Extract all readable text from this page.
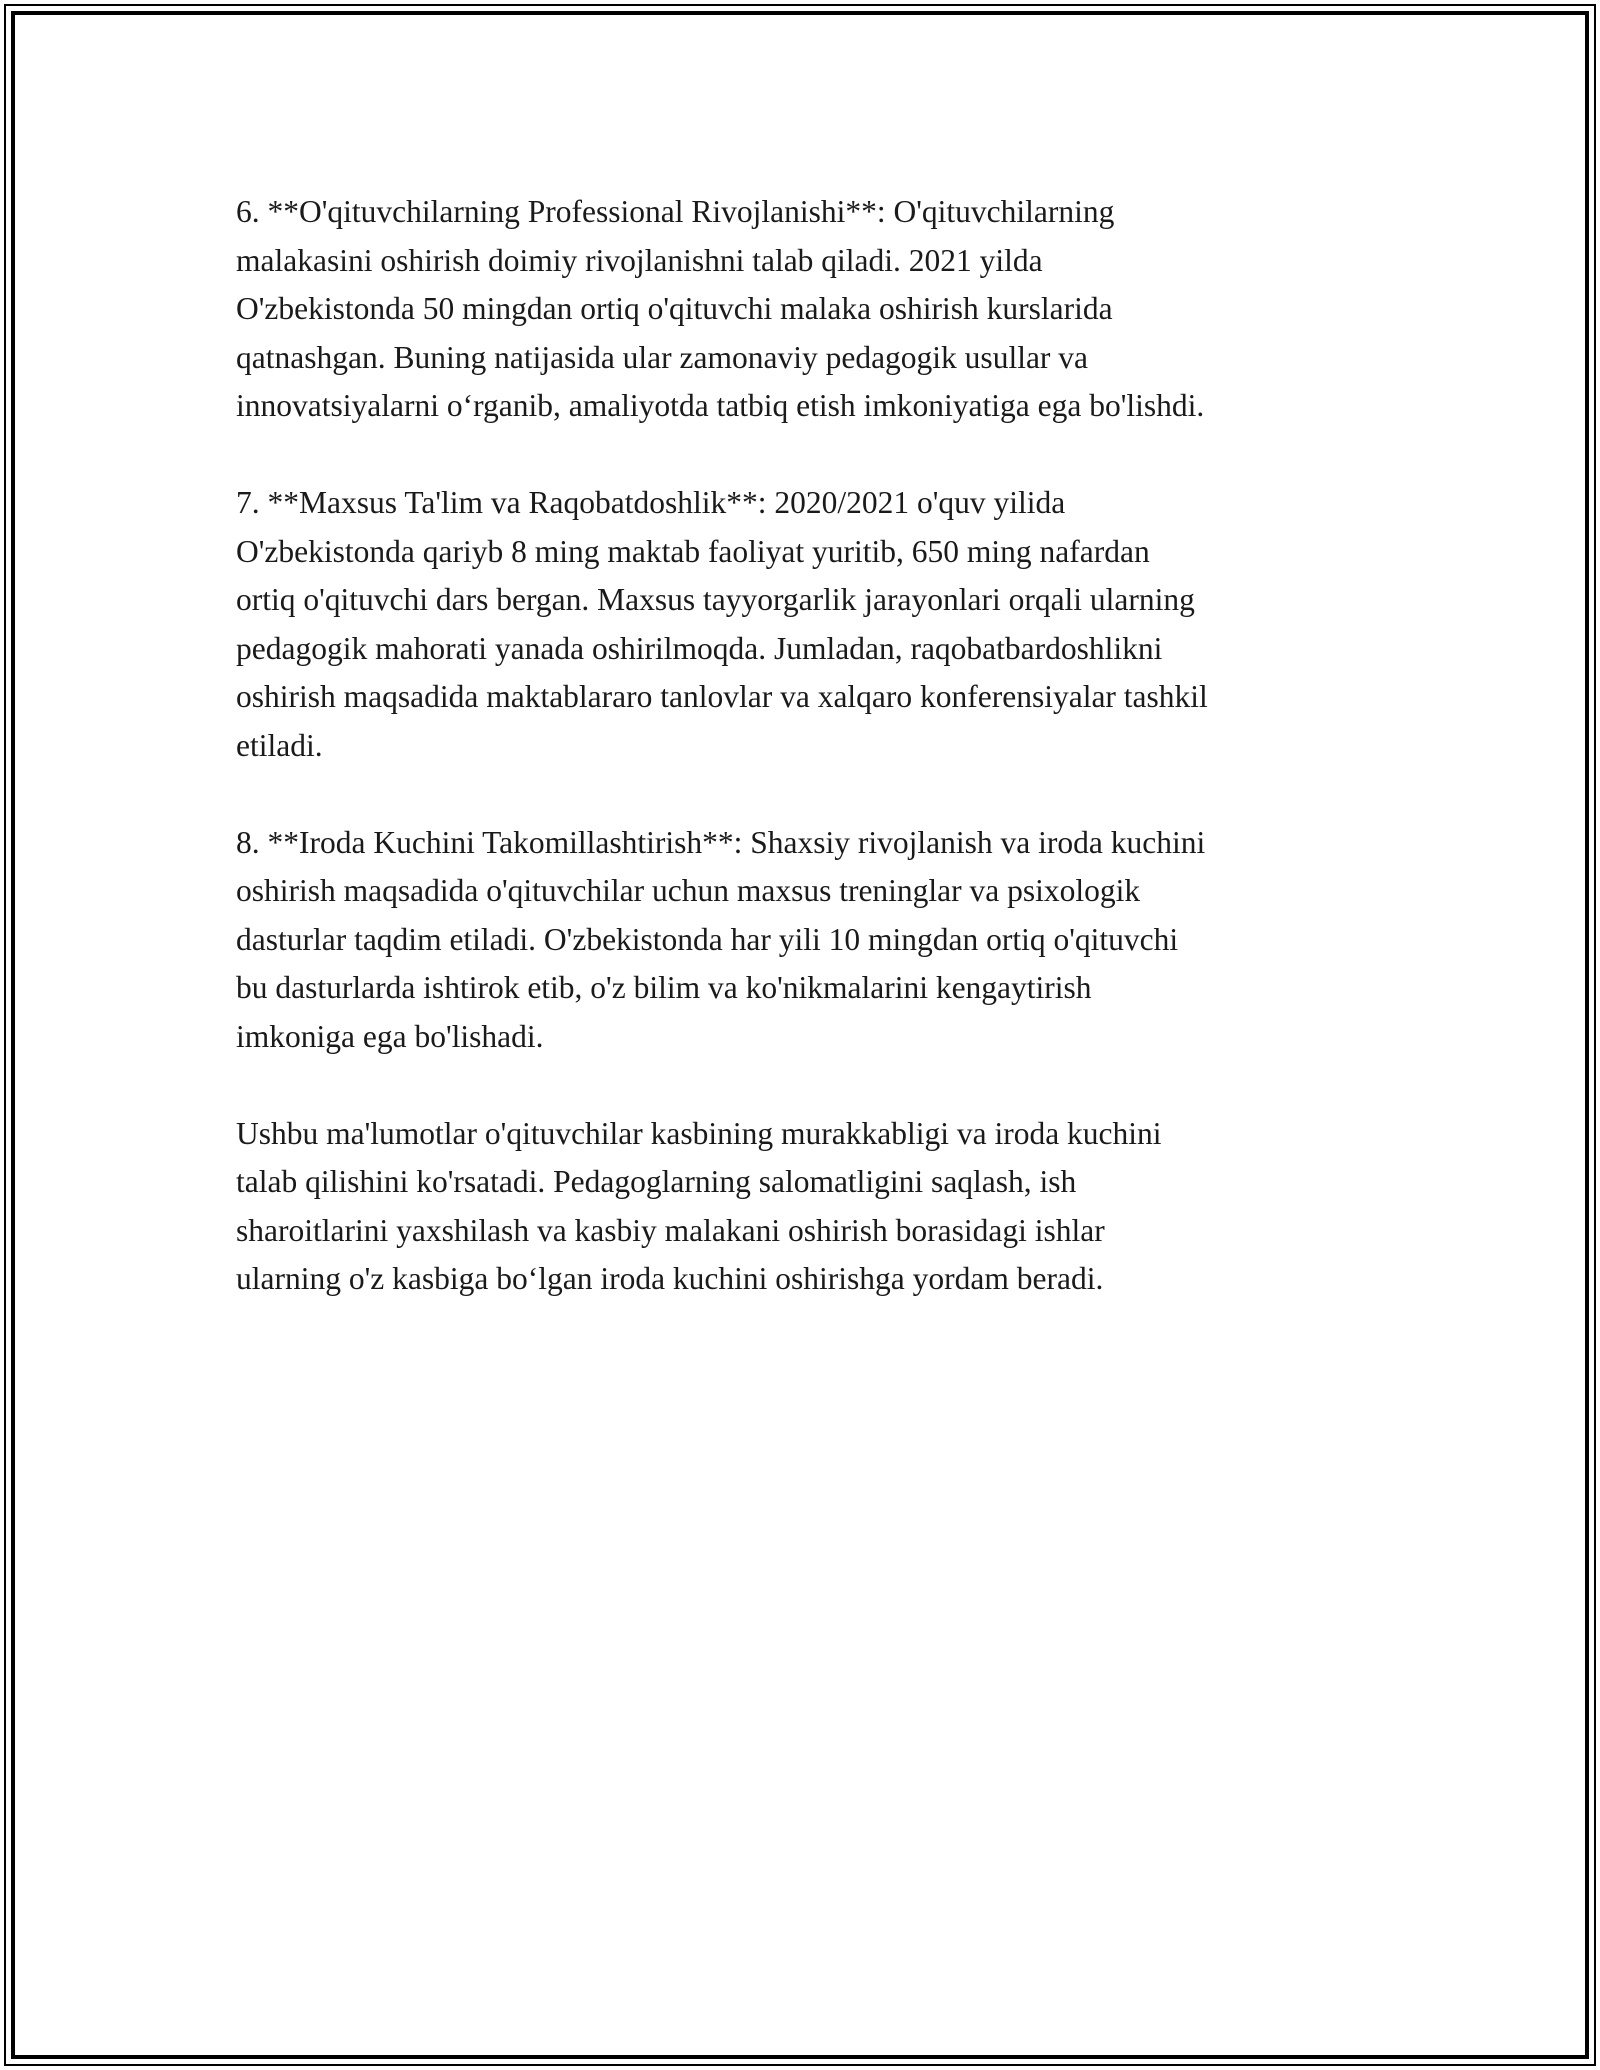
6. **O'qituvchilarning Professional Rivojlanishi**: O'qituvchilarning
malakasini oshirish doimiy rivojlanishni talab qiladi. 2021 yilda
O'zbekistonda 50 mingdan ortiq o'qituvchi malaka oshirish kurslarida
qatnashgan. Buning natijasida ular zamonaviy pedagogik usullar va
innovatsiyalarni o‘rganib, amaliyotda tatbiq etish imkoniyatiga ega bo'lishdi.

7. **Maxsus Ta'lim va Raqobatdoshlik**: 2020/2021 o'quv yilida
O'zbekistonda qariyb 8 ming maktab faoliyat yuritib, 650 ming nafardan
ortiq o'qituvchi dars bergan. Maxsus tayyorgarlik jarayonlari orqali ularning
pedagogik mahorati yanada oshirilmoqda. Jumladan, raqobatbardoshlikni
oshirish maqsadida maktablararo tanlovlar va xalqaro konferensiyalar tashkil
etiladi.

8. **Iroda Kuchini Takomillashtirish**: Shaxsiy rivojlanish va iroda kuchini
oshirish maqsadida o'qituvchilar uchun maxsus treninglar va psixologik
dasturlar taqdim etiladi. O'zbekistonda har yili 10 mingdan ortiq o'qituvchi
bu dasturlarda ishtirok etib, o'z bilim va ko'nikmalarini kengaytirish
imkoniga ega bo'lishadi.

Ushbu ma'lumotlar o'qituvchilar kasbining murakkabligi va iroda kuchini
talab qilishini ko'rsatadi. Pedagoglarning salomatligini saqlash, ish
sharoitlarini yaxshilash va kasbiy malakani oshirish borasidagi ishlar
ularning o'z kasbiga bo‘lgan iroda kuchini oshirishga yordam beradi.
